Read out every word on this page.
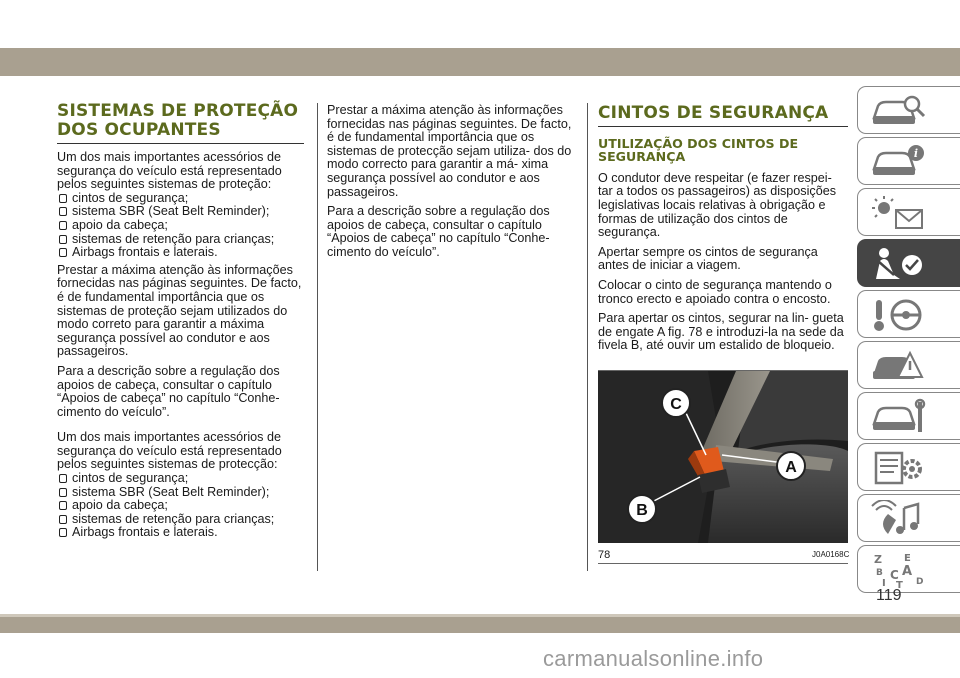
SISTEMAS DE PROTEÇÃO DOS OCUPANTES

Um dos mais importantes acessórios de segurança do veículo está representado pelos seguintes sistemas de proteção:

cintos de segurança;
sistema SBR (Seat Belt Reminder);
apoio da cabeça;
sistemas de retenção para crianças;
Airbags frontais e laterais.

Prestar a máxima atenção às informações fornecidas nas páginas seguintes. De facto, é de fundamental importância que os sistemas de proteção sejam utilizados do modo correto para garantir a máxima segurança possível ao condutor e aos passageiros.

Para a descrição sobre a regulação dos apoios de cabeça, consultar o capítulo “Apoios de cabeça” no capítulo “Conhe- cimento do veículo”.

Um dos mais importantes acessórios de segurança do veículo está representado pelos seguintes sistemas de protecção:

cintos de segurança;
sistema SBR (Seat Belt Reminder);
apoio da cabeça;
sistemas de retenção para crianças;
Airbags frontais e laterais.

Prestar a máxima atenção às informações fornecidas nas páginas seguintes. De facto, é de fundamental importância que os sistemas de protecção sejam utiliza- dos do modo correcto para garantir a má- xima segurança possível ao condutor e aos passageiros.

Para a descrição sobre a regulação dos apoios de cabeça, consultar o capítulo “Apoios de cabeça” no capítulo “Conhe- cimento do veículo”.

CINTOS DE SEGURANÇA
UTILIZAÇÃO DOS CINTOS DE SEGURANÇA

O condutor deve respeitar (e fazer respei- tar a todos os passageiros) as disposições legislativas locais relativas à obrigação e formas de utilização dos cintos de segurança.

Apertar sempre os cintos de segurança antes de iniciar a viagem.

Colocar o cinto de segurança mantendo o tronco erecto e apoiado contra o encosto.

Para apertar os cintos, segurar na lin- gueta de engate A fig. 78 e introduzi-la na sede da fivela B, até ouvir um estalido de bloqueio.

C
A
B
78	J0A0168C
i
Z E
B A
I
C
T D
119
carmanualsonline.info
